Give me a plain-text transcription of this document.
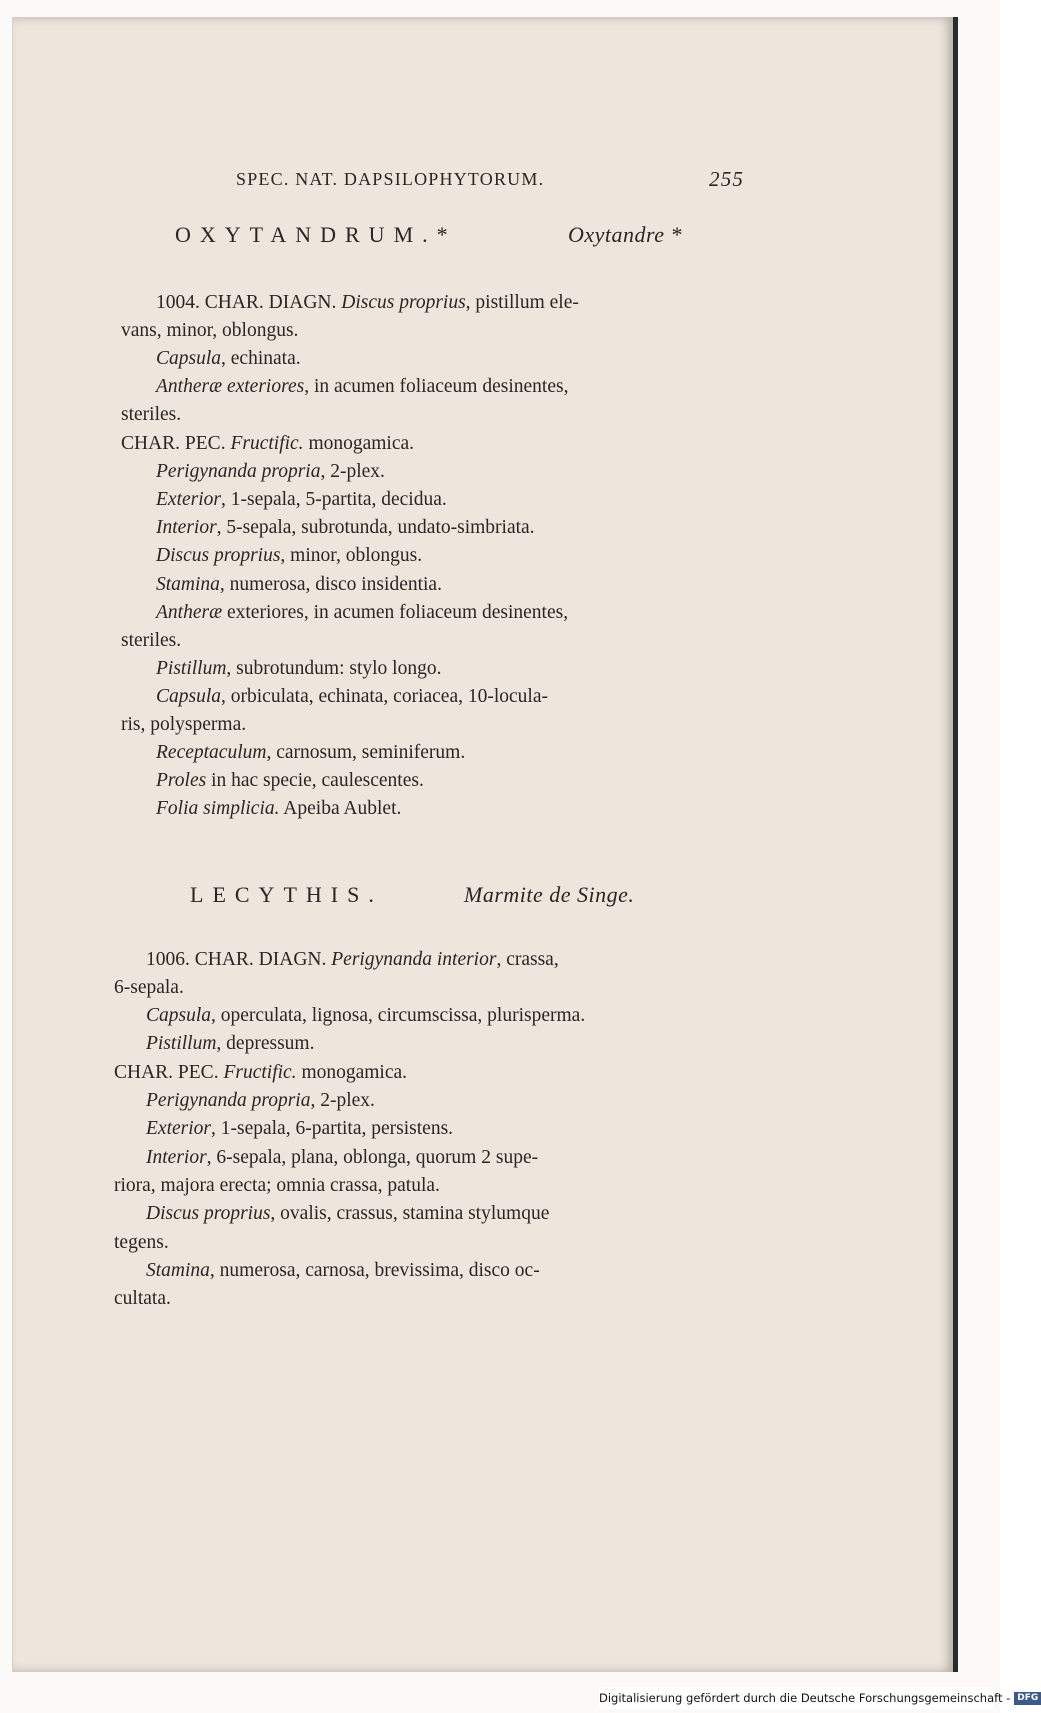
SPEC. NAT. DAPSILOPHYTORUM.	255
OXYTANDRUM.*	Oxytandre *
1004. CHAR. DIAGN. Discus proprius, pistillum ele-
vans, minor, oblongus.
Capsula, echinata.
Antheræ exteriores, in acumen foliaceum desinentes,
steriles.
CHAR. PEC. Fructific. monogamica.
Perigynanda propria, 2-plex.
Exterior, 1-sepala, 5-partita, decidua.
Interior, 5-sepala, subrotunda, undato-simbriata.
Discus proprius, minor, oblongus.
Stamina, numerosa, disco insidentia.
Antheræ exteriores, in acumen foliaceum desinentes,
steriles.
Pistillum, subrotundum: stylo longo.
Capsula, orbiculata, echinata, coriacea, 10-locula-
ris, polysperma.
Receptaculum, carnosum, seminiferum.
Proles in hac specie, caulescentes.
Folia simplicia. Apeiba Aublet.
LECYTHIS.	Marmite de Singe.
1006. CHAR. DIAGN. Perigynanda interior, crassa,
6-sepala.
Capsula, operculata, lignosa, circumscissa, plurisperma.
Pistillum, depressum.
CHAR. PEC. Fructific. monogamica.
Perigynanda propria, 2-plex.
Exterior, 1-sepala, 6-partita, persistens.
Interior, 6-sepala, plana, oblonga, quorum 2 supe-
riora, majora erecta; omnia crassa, patula.
Discus proprius, ovalis, crassus, stamina stylumque
tegens.
Stamina, numerosa, carnosa, brevissima, disco oc-
cultata.
Digitalisierung gefördert durch die Deutsche Forschungsgemeinschaft - DFG
